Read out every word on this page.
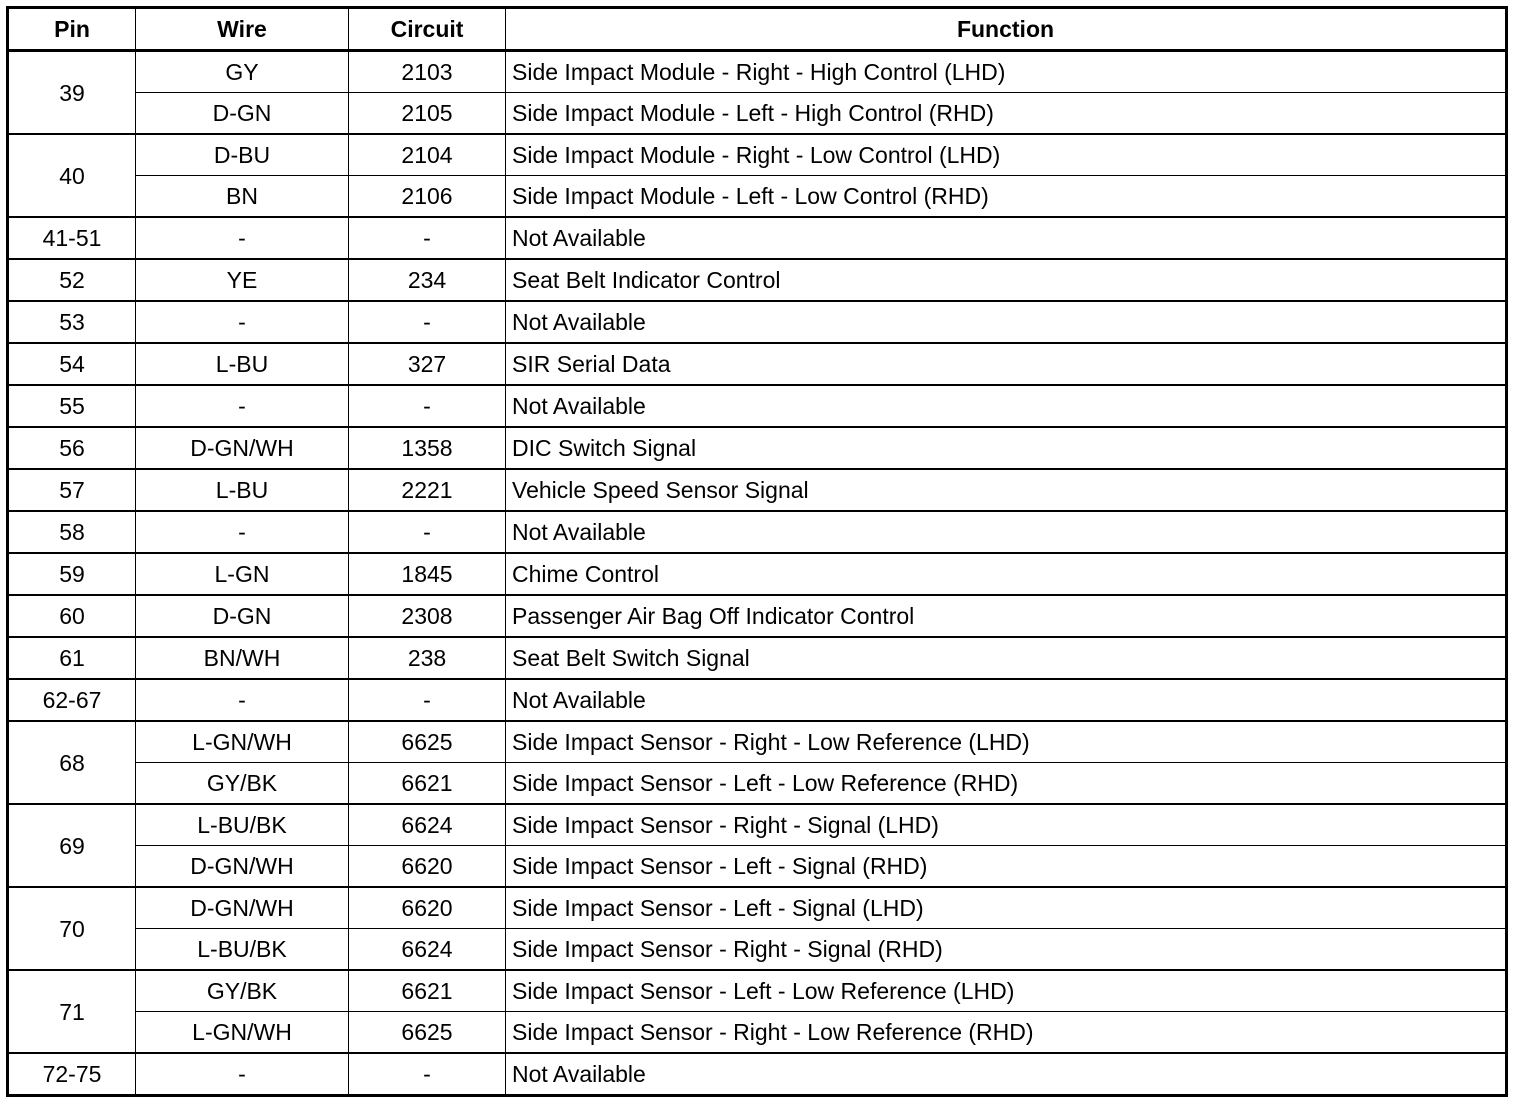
Pin	Wire	Circuit	Function
39	GY	2103	Side Impact Module - Right - High Control (LHD)
	D-GN	2105	Side Impact Module - Left - High Control (RHD)
40	D-BU	2104	Side Impact Module - Right - Low Control (LHD)
	BN	2106	Side Impact Module - Left - Low Control (RHD)
41-51	-	-	Not Available
52	YE	234	Seat Belt Indicator Control
53	-	-	Not Available
54	L-BU	327	SIR Serial Data
55	-	-	Not Available
56	D-GN/WH	1358	DIC Switch Signal
57	L-BU	2221	Vehicle Speed Sensor Signal
58	-	-	Not Available
59	L-GN	1845	Chime Control
60	D-GN	2308	Passenger Air Bag Off Indicator Control
61	BN/WH	238	Seat Belt Switch Signal
62-67	-	-	Not Available
68	L-GN/WH	6625	Side Impact Sensor - Right - Low Reference (LHD)
	GY/BK	6621	Side Impact Sensor - Left - Low Reference (RHD)
69	L-BU/BK	6624	Side Impact Sensor - Right - Signal (LHD)
	D-GN/WH	6620	Side Impact Sensor - Left - Signal (RHD)
70	D-GN/WH	6620	Side Impact Sensor - Left - Signal (LHD)
	L-BU/BK	6624	Side Impact Sensor - Right - Signal (RHD)
71	GY/BK	6621	Side Impact Sensor - Left - Low Reference (LHD)
	L-GN/WH	6625	Side Impact Sensor - Right - Low Reference (RHD)
72-75	-	-	Not Available
